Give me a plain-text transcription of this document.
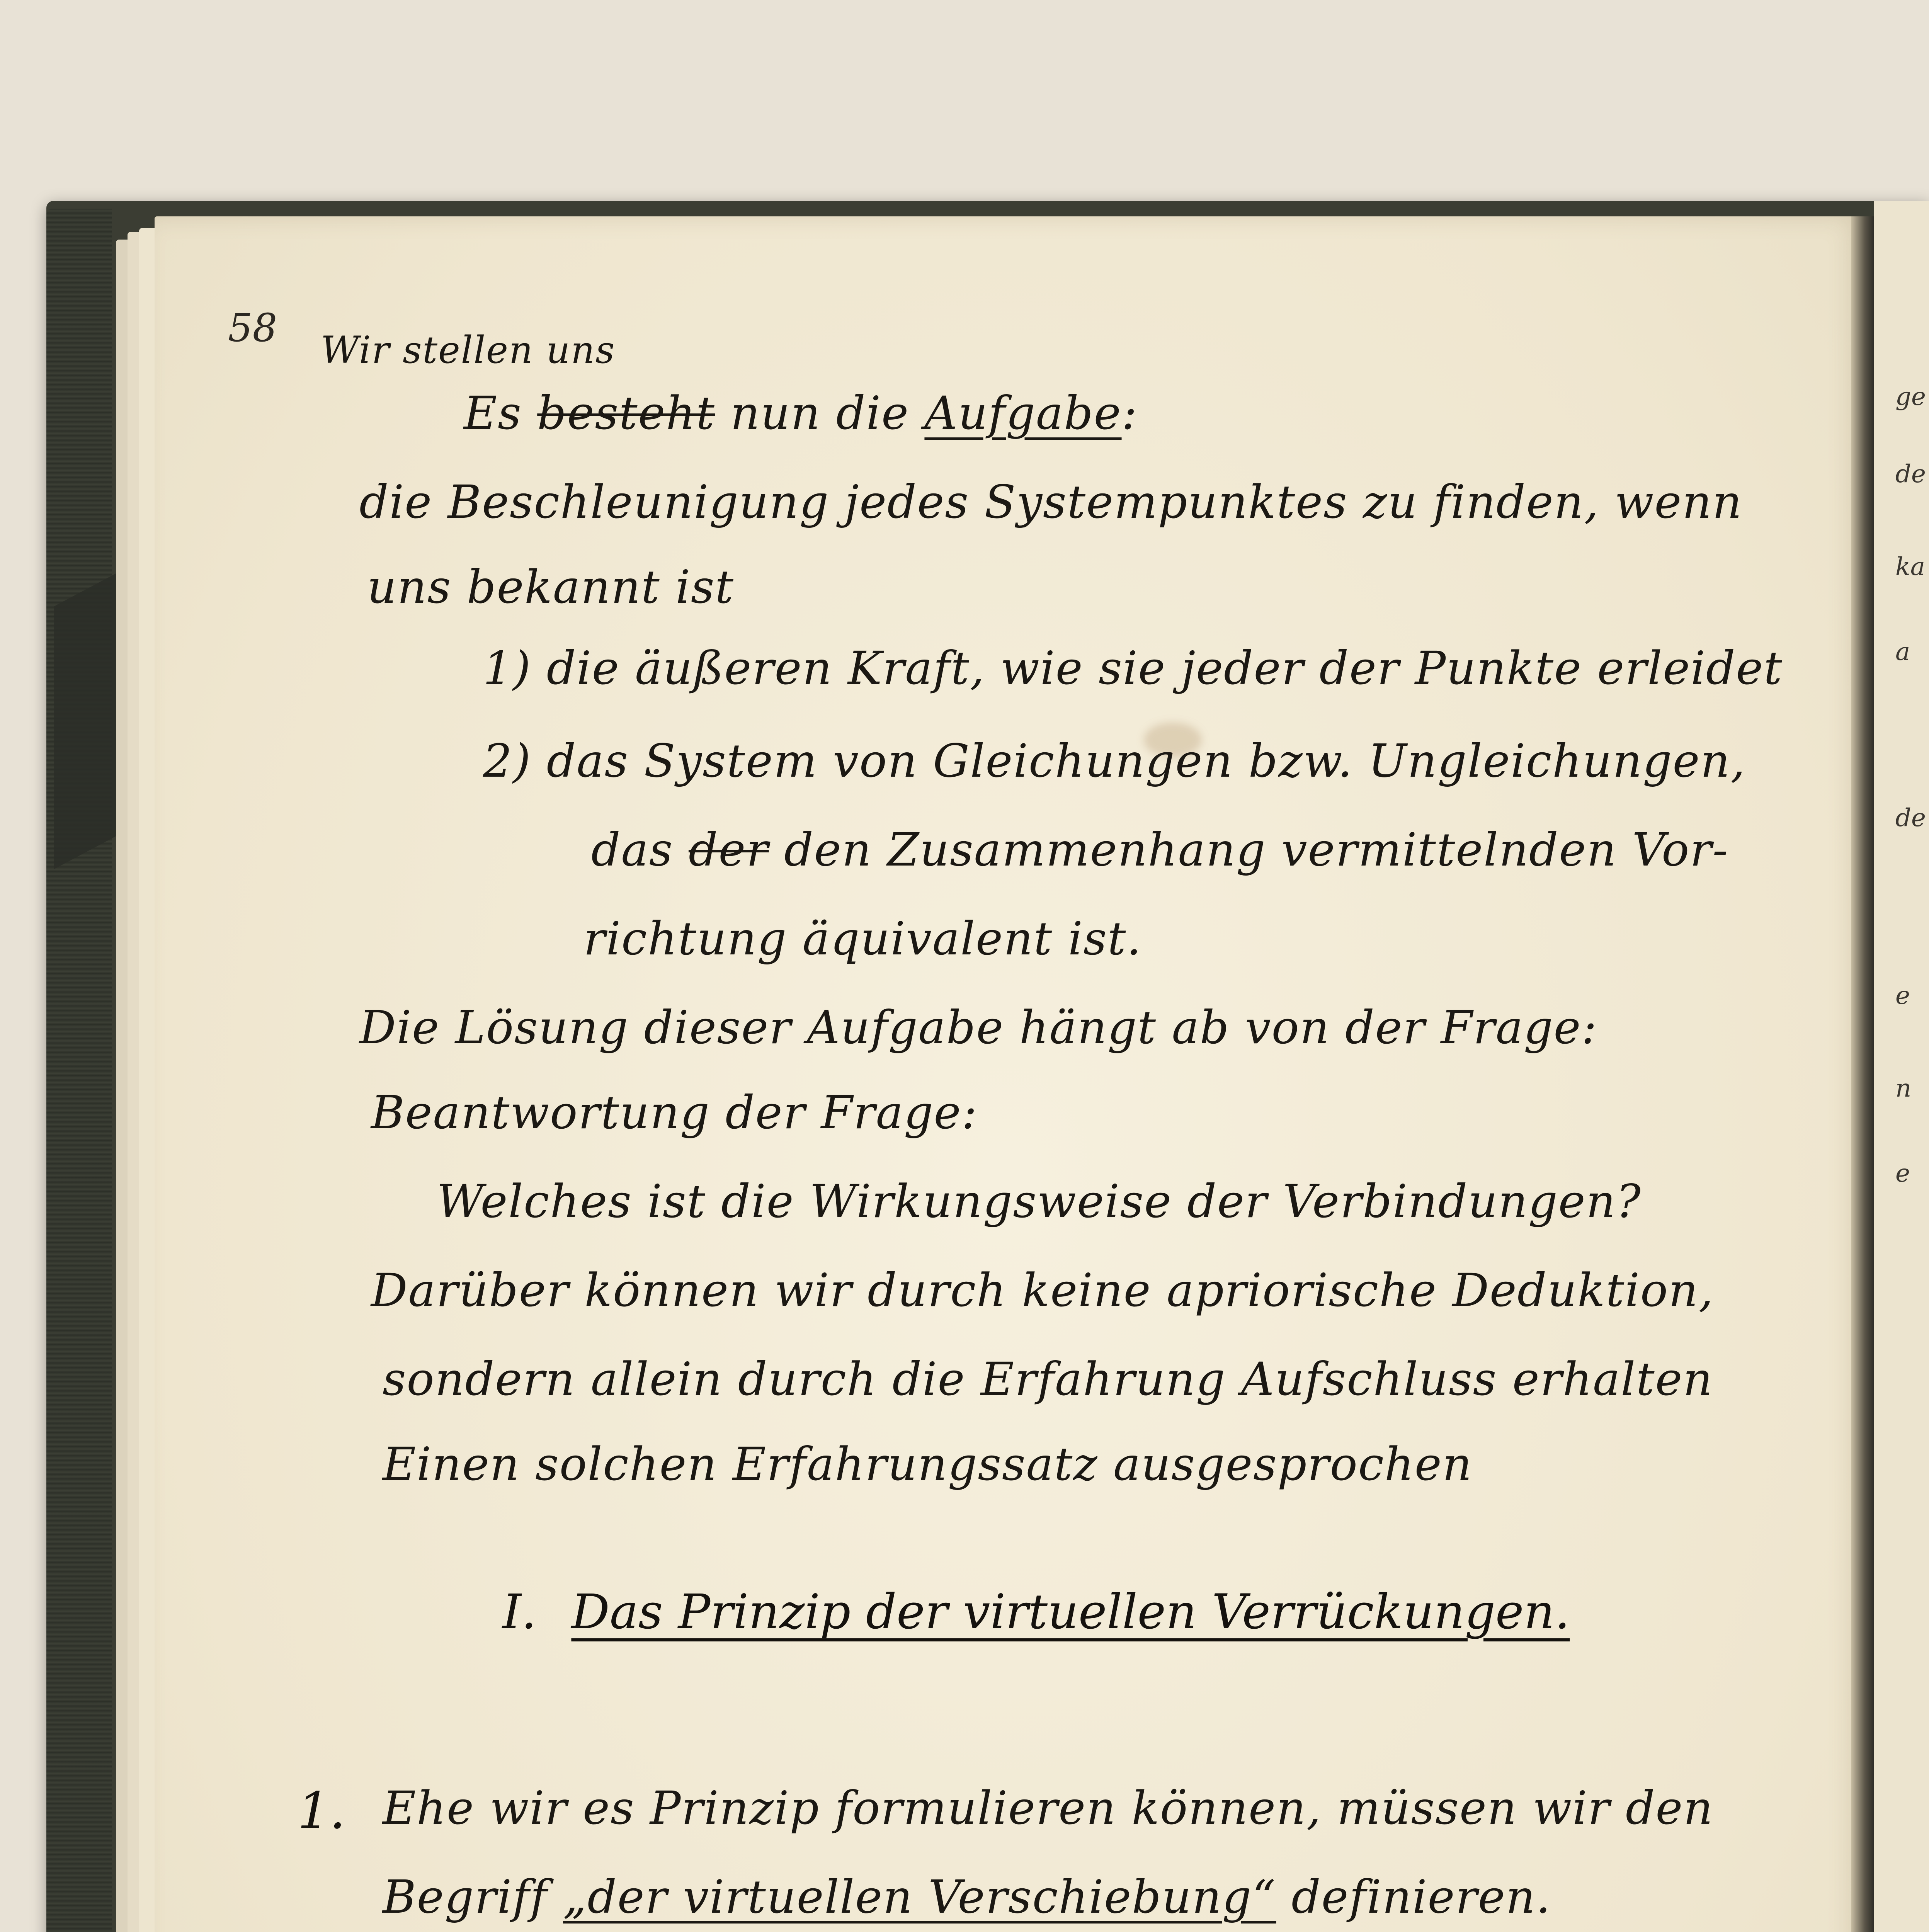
58 Wir stellen uns
Es besteht nun die Aufgabe:
die Beschleunigung jedes Systempunktes zu finden, wenn
uns bekannt ist
1) die äußeren Kraft, wie sie jeder der Punkte erleidet
2) das System von Gleichungen bzw. Ungleichungen,
das der den Zusammenhang vermittelnden Vor-
richtung äquivalent ist.
Die Lösung dieser Aufgabe hängt ab von der Frage:
Beantwortung der Frage:
Welches ist die Wirkungsweise der Verbindungen?
Darüber können wir durch keine apriorische Deduktion,
sondern allein durch die Erfahrung Aufschluss erhalten
Einen solchen Erfahrungssatz ausgesprochen
I. Das Prinzip der virtuellen Verrückungen.
1. Ehe wir es Prinzip formulieren können, müssen wir den
Begriff „der virtuellen Verschiebung“ definieren.
ge
de
ka
a
de
e
n
e
